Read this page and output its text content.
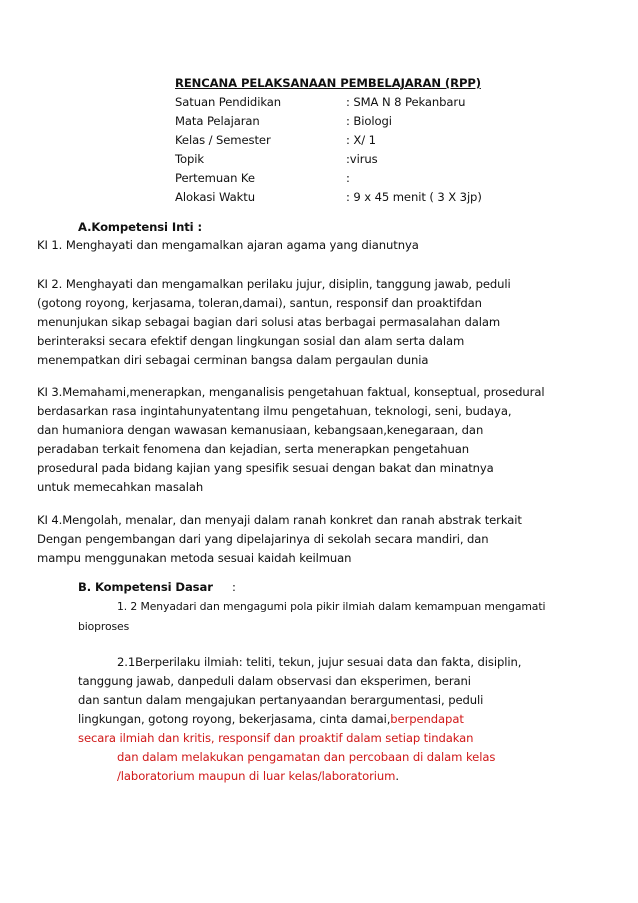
RENCANA PELAKSANAAN PEMBELAJARAN (RPP)
Satuan Pendidikan	: SMA N 8 Pekanbaru
Mata Pelajaran	: Biologi
Kelas / Semester	: X/ 1
Topik	:virus
Pertemuan Ke	:
Alokasi Waktu	: 9 x 45 menit ( 3 X 3jp)
A.Kompetensi Inti :
KI 1. Menghayati dan mengamalkan ajaran agama yang dianutnya
KI 2. Menghayati dan mengamalkan perilaku jujur, disiplin, tanggung jawab, peduli
(gotong royong, kerjasama, toleran,damai), santun, responsif dan proaktifdan
menunjukan sikap sebagai bagian dari solusi atas berbagai permasalahan dalam
berinteraksi secara efektif dengan lingkungan sosial dan alam serta dalam
menempatkan diri sebagai cerminan bangsa dalam pergaulan dunia
KI 3.Memahami,menerapkan, menganalisis pengetahuan faktual, konseptual, prosedural
berdasarkan rasa ingintahunyatentang ilmu pengetahuan, teknologi, seni, budaya,
dan humaniora dengan wawasan kemanusiaan, kebangsaan,kenegaraan, dan
peradaban terkait fenomena dan kejadian, serta menerapkan pengetahuan
prosedural pada bidang kajian yang spesifik sesuai dengan bakat dan minatnya
untuk memecahkan masalah
KI 4.Mengolah, menalar, dan menyaji dalam ranah konkret dan ranah abstrak terkait
Dengan pengembangan dari yang dipelajarinya di sekolah secara mandiri, dan
mampu menggunakan metoda sesuai kaidah keilmuan
B. Kompetensi Dasar :
1. 2 Menyadari dan mengagumi pola pikir ilmiah dalam kemampuan mengamati
bioproses
2.1Berperilaku ilmiah: teliti, tekun, jujur sesuai data dan fakta, disiplin,
tanggung jawab, danpeduli dalam observasi dan eksperimen, berani
dan santun dalam mengajukan pertanyaandan berargumentasi, peduli
lingkungan, gotong royong, bekerjasama, cinta damai,berpendapat
secara ilmiah dan kritis, responsif dan proaktif dalam setiap tindakan
dan dalam melakukan pengamatan dan percobaan di dalam kelas
/laboratorium maupun di luar kelas/laboratorium.
